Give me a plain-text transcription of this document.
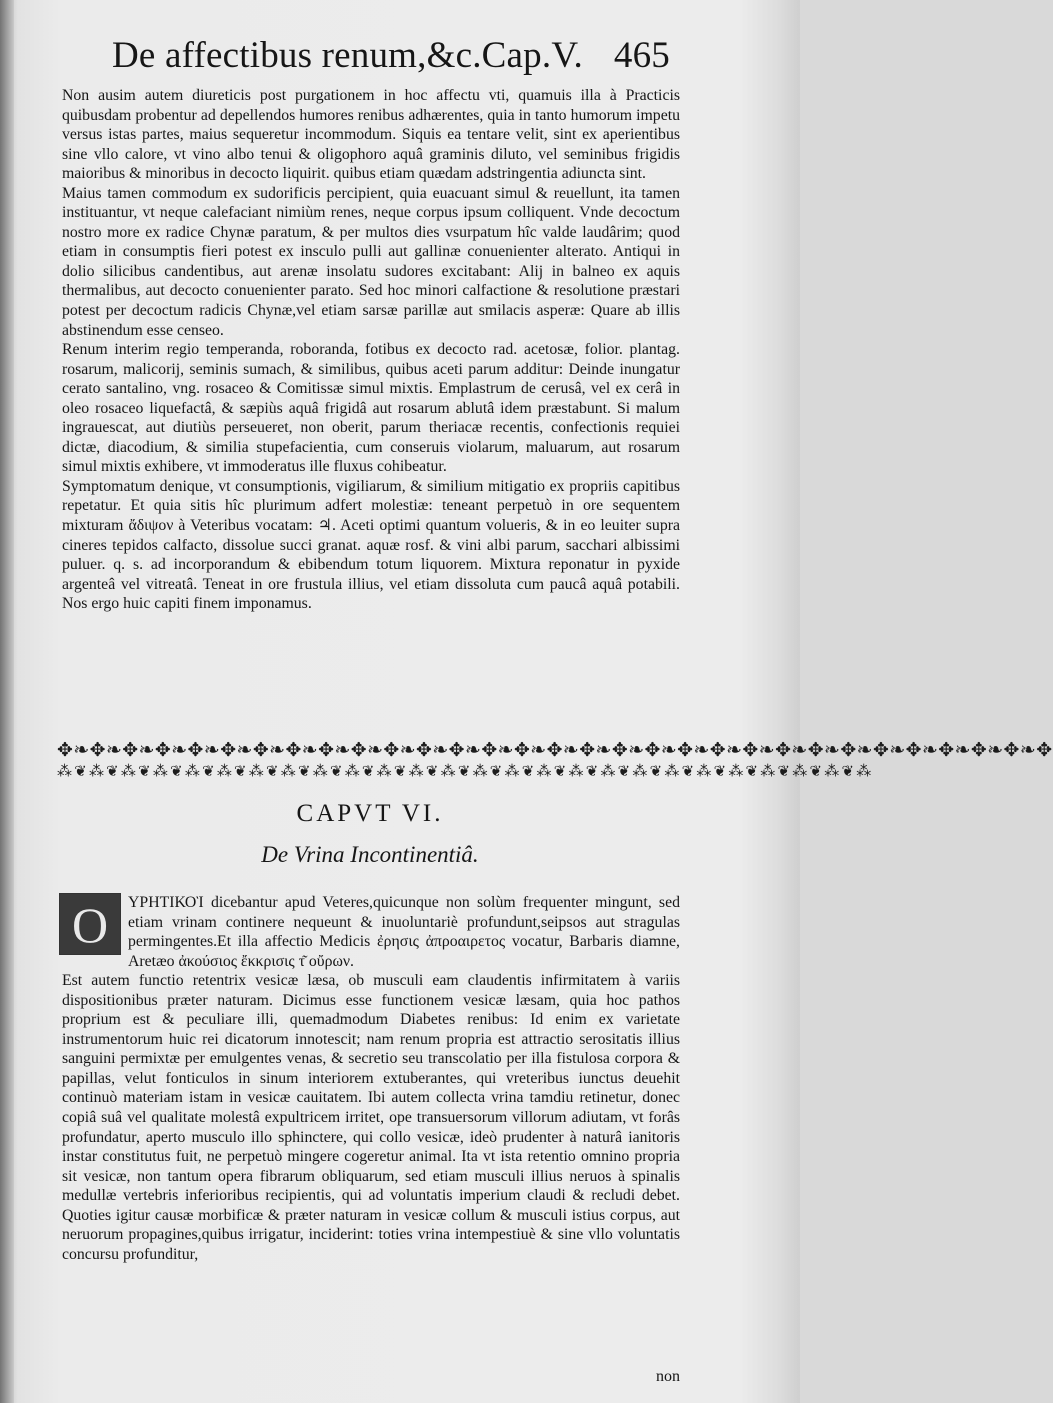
De affectibus renum,&c.Cap.V. 465

Non ausim autem diureticis post purgationem in hoc affectu vti, quamuis illa à Practicis quibusdam probentur ad depellendos humores renibus adhærentes, quia in tanto humorum impetu versus istas partes, maius sequeretur incommodum. Siquis ea tentare velit, sint ex aperientibus sine vllo calore, vt vino albo tenui & oligophoro aquâ graminis diluto, vel seminibus frigidis maioribus & minoribus in decocto liquirit. quibus etiam quædam adstringentia adiuncta sint.

Maius tamen commodum ex sudorificis percipient, quia euacuant simul & reuellunt, ita tamen instituantur, vt neque calefaciant nimiùm renes, neque corpus ipsum colliquent. Vnde decoctum nostro more ex radice Chynæ paratum, & per multos dies vsurpatum hîc valde laudârim; quod etiam in consumptis fieri potest ex insculo pulli aut gallinæ conuenienter alterato. Antiqui in dolio silicibus candentibus, aut arenæ insolatu sudores excitabant: Alij in balneo ex aquis thermalibus, aut decocto conuenienter parato. Sed hoc minori calfactione & resolutione præstari potest per decoctum radicis Chynæ,vel etiam sarsæ parillæ aut smilacis asperæ: Quare ab illis abstinendum esse censeo.

Renum interim regio temperanda, roboranda, fotibus ex decocto rad. acetosæ, folior. plantag. rosarum, malicorij, seminis sumach, & similibus, quibus aceti parum additur: Deinde inungatur cerato santalino, vng. rosaceo & Comitissæ simul mixtis. Emplastrum de cerusâ, vel ex cerâ in oleo rosaceo liquefactâ, & sæpiùs aquâ frigidâ aut rosarum ablutâ idem præstabunt. Si malum ingrauescat, aut diutiùs perseueret, non oberit, parum theriacæ recentis, confectionis requiei dictæ, diacodium, & similia stupefacientia, cum conseruis violarum, maluarum, aut rosarum simul mixtis exhibere, vt immoderatus ille fluxus cohibeatur.

Symptomatum denique, vt consumptionis, vigiliarum, & similium mitigatio ex propriis capitibus repetatur. Et quia sitis hîc plurimum adfert molestiæ: teneant perpetuò in ore sequentem mixturam ἄδιψον à Veteribus vocatam: ♃. Aceti optimi quantum volueris, & in eo leuiter supra cineres tepidos calfacto, dissolue succi granat. aquæ rosf. & vini albi parum, sacchari albissimi puluer. q. s. ad incorporandum & ebibendum totum liquorem. Mixtura reponatur in pyxide argenteâ vel vitreatâ. Teneat in ore frustula illius, vel etiam dissoluta cum paucâ aquâ potabili. Nos ergo huic capiti finem imponamus.

✥❧✥❧✥❧✥❧✥❧✥❧✥❧✥❧✥❧✥❧✥❧✥❧✥❧✥❧✥❧✥❧✥❧✥❧✥❧✥❧✥❧✥❧✥❧✥❧✥❧✥❧✥❧✥❧✥❧✥❧✥
⁂❦⁂❦⁂❦⁂❦⁂❦⁂❦⁂❦⁂❦⁂❦⁂❦⁂❦⁂❦⁂❦⁂❦⁂❦⁂❦⁂❦⁂❦⁂❦⁂❦⁂❦⁂❦⁂❦⁂❦⁂❦⁂
CAPVT VI.
De Vrina Incontinentiâ.

ΥΡΗΤΙΚΟῚ dicebantur apud Veteres,quicunque non solùm frequenter mingunt, sed etiam vrinam continere nequeunt & inuoluntariè profundunt,seipsos aut stragulas permingentes.Et illa affectio Medicis ἐρησις ἀπροαιρετος vocatur, Barbaris diamne, Aretæo ἀκούσιος ἔκκρισις τ͂ οὔρων.

Est autem functio retentrix vesicæ læsa, ob musculi eam claudentis infirmitatem à variis dispositionibus præter naturam. Dicimus esse functionem vesicæ læsam, quia hoc pathos proprium est & peculiare illi, quemadmodum Diabetes renibus: Id enim ex varietate instrumentorum huic rei dicatorum innotescit; nam renum propria est attractio serositatis illius sanguini permixtæ per emulgentes venas, & secretio seu transcolatio per illa fistulosa corpora & papillas, velut fonticulos in sinum interiorem extuberantes, qui vreteribus iunctus deuehit continuò materiam istam in vesicæ cauitatem. Ibi autem collecta vrina tamdiu retinetur, donec copiâ suâ vel qualitate molestâ expultricem irritet, ope transuersorum villorum adiutam, vt forâs profundatur, aperto musculo illo sphinctere, qui collo vesicæ, ideò prudenter à naturâ ianitoris instar constitutus fuit, ne perpetuò mingere cogeretur animal. Ita vt ista retentio omnino propria sit vesicæ, non tantum opera fibrarum obliquarum, sed etiam musculi illius neruos à spinalis medullæ vertebris inferioribus recipientis, qui ad voluntatis imperium claudi & recludi debet. Quoties igitur causæ morbificæ & præter naturam in vesicæ collum & musculi istius corpus, aut neruorum propagines,quibus irrigatur, inciderint: toties vrina intempestiuè & sine vllo voluntatis concursu profunditur,

O
non
